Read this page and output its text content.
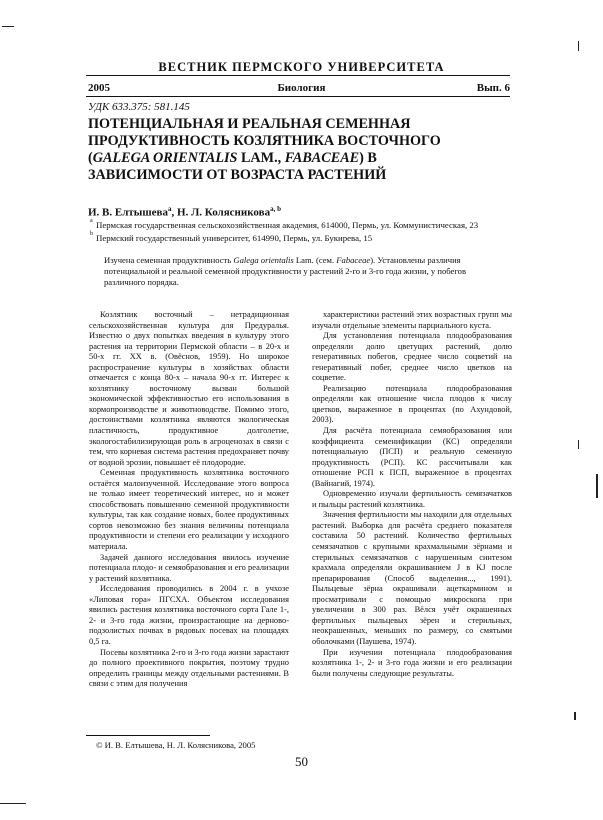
ВЕСТНИК ПЕРМСКОГО УНИВЕРСИТЕТА
2005	Биология	Вып. 6
УДК 633.375: 581.145
ПОТЕНЦИАЛЬНАЯ И РЕАЛЬНАЯ СЕМЕННАЯ
ПРОДУКТИВНОСТЬ КОЗЛЯТНИКА ВОСТОЧНОГО
(GALEGA ORIENTALIS LAM., FABACEAE) В
ЗАВИСИМОСТИ ОТ ВОЗРАСТА РАСТЕНИЙ
И. В. Елтышева$^a$, Н. Л. Колясникова$^{a, b}$
a Пермская государственная сельскохозяйственная академия, 614000, Пермь, ул. Коммунистическая, 23
b Пермский государственный университет, 614990, Пермь, ул. Букирева, 15
Изучена семенная продуктивность Galega orientalis Lam. (сем. Fabaceae). Установлены различия потенциальной и реальной семенной продуктивности у растений 2-го и 3-го года жизни, у побегов различного порядка.

Козлятник восточный – нетрадиционная сельскохозяйственная культура для Предуралья. Известно о двух попытках введения в культуру этого растения на территории Пермской области – в 20-х и 50-х гг. XX в. (Овёснов, 1959). Но широкое распространение культуры в хозяйствах области отмечается с конца 80-х – начала 90-х гг. Интерес к козлятнику восточному вызван большой экономической эффективностью его использования в кормопроизводстве и животноводстве. Помимо этого, достоинствами козлятника являются экологическая пластичность, продуктивное долголетие, экологостабилизирующая роль в агроценозах в связи с тем, что корневая система растения предохраняет почву от водной эрозии, повышает её плодородие.

Семенная продуктивность козлятника восточного остаётся малоизученной. Исследование этого вопроса не только имеет теоретический интерес, но и может способствовать повышению семенной продуктивности культуры, так как создание новых, более продуктивных сортов невозможно без знания величины потенциала продуктивности и степени его реализации у исходного материала.

Задачей данного исследования явилось изучение потенциала плодо- и семяобразования и его реализации у растений козлятника.

Исследования проводились в 2004 г. в учхозе «Липовая гора» ПГСХА. Объектом исследования явились растения козлятника восточного сорта Гале 1-, 2- и 3-го года жизни, произрастающие на дерново-подзолистых почвах в рядовых посевах на площадях 0,5 га.

Посевы козлятника 2-го и 3-го года жизни зарастают до полного проективного покрытия, поэтому трудно определить границы между отдельными растениями. В связи с этим для получения

характеристики растений этих возрастных групп мы изучали отдельные элементы парциального куста.

Для установления потенциала плодообразования определяли долю цветущих растений, долю генеративных побегов, среднее число соцветий на генеративный побег, среднее число цветков на соцветие.

Реализацию потенциала плодообразования определяли как отношение числа плодов к числу цветков, выраженное в процентах (по Ахундовой, 2003).

Для расчёта потенциала семяобразования или коэффициента семенификации (КС) определяли потенциальную (ПСП) и реальную семенную продуктивность (РСП). КС рассчитывали как отношение РСП к ПСП, выраженное в процентах (Вайнагий, 1974).

Одновременно изучали фертильность семязачатков и пыльцы растений козлятника.

Значения фертильности мы находили для отдельных растений. Выборка для расчёта среднего показателя составила 50 растений. Количество фертильных семязачатков с крупными крахмальными зёрнами и стерильных семязачатков с нарушенным синтезом крахмала определяли окрашиванием J в KJ после препарирования (Способ выделения..., 1991). Пыльцевые зёрна окрашивали ацеткармином и просматривали с помощью микроскопа при увеличении в 300 раз. Вёлся учёт окрашенных фертильных пыльцевых зёрен и стерильных, неокрашенных, меньших по размеру, со смятыми оболочками (Паушева, 1974).

При изучении потенциала плодообразования козлятника 1-, 2- и 3-го года жизни и его реализации были получены следующие результаты.

© И. В. Елтышева, Н. Л. Колясникова, 2005
50
